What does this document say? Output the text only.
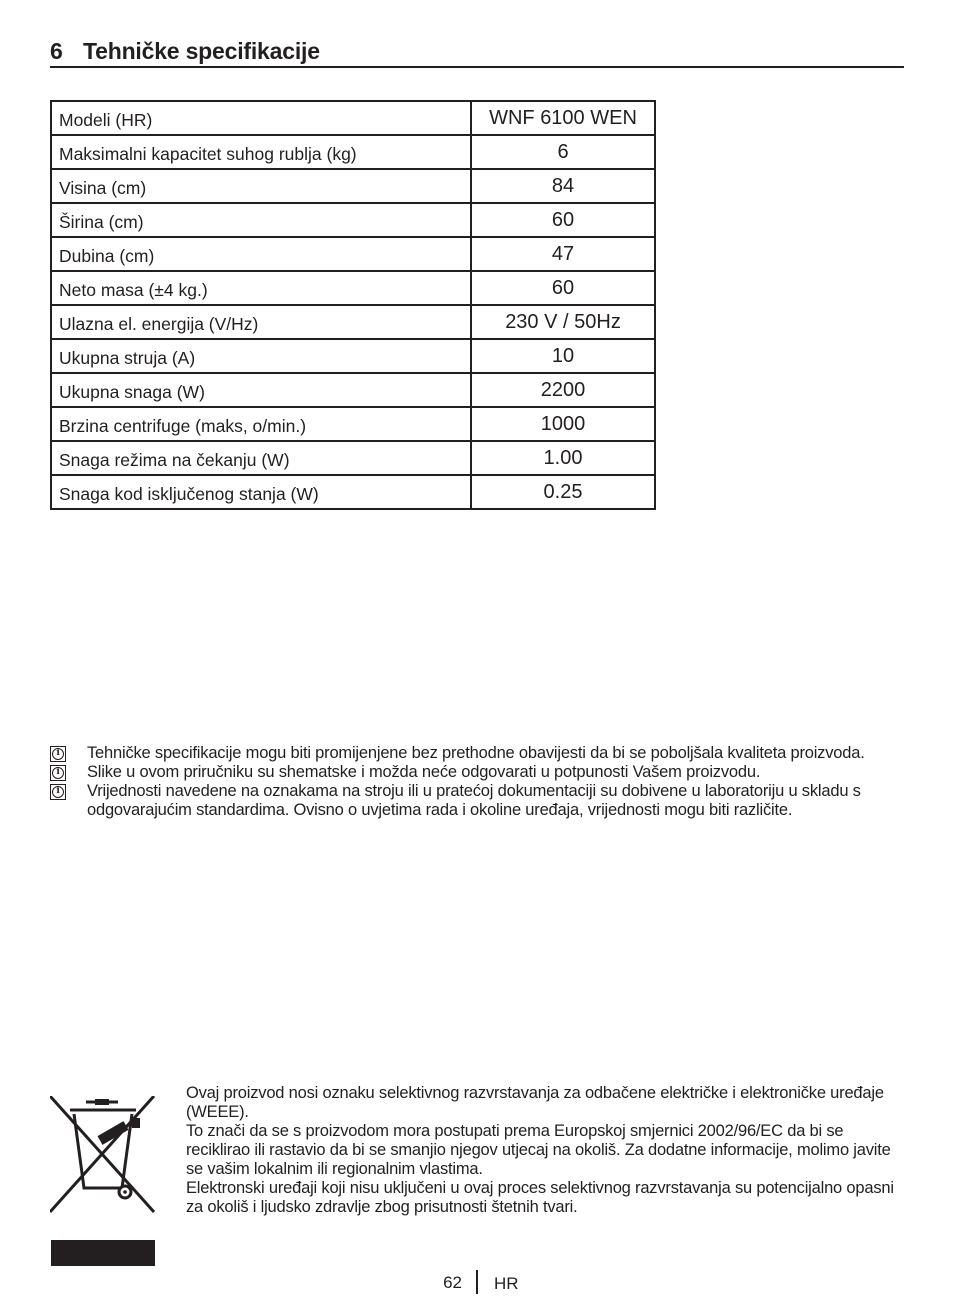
6 Tehničke specifikacije
Modeli (HR)	WNF 6100 WEN
Maksimalni kapacitet suhog rublja (kg)	6
Visina (cm)	84
Širina (cm)	60
Dubina (cm)	47
Neto masa (±4 kg.)	60
Ulazna el. energija (V/Hz)	230 V / 50Hz
Ukupna struja (A)	10
Ukupna snaga (W)	2200
Brzina centrifuge (maks, o/min.)	1000
Snaga režima na čekanju (W)	1.00
Snaga kod isključenog stanja (W)	0.25
i Tehničke specifikacije mogu biti promijenjene bez prethodne obavijesti da bi se poboljšala kvaliteta proizvoda.
i Slike u ovom priručniku su shematske i možda neće odgovarati u potpunosti Vašem proizvodu.
i Vrijednosti navedene na oznakama na stroju ili u pratećoj dokumentaciji su dobivene u laboratoriju u skladu s odgovarajućim standardima. Ovisno o uvjetima rada i okoline uređaja, vrijednosti mogu biti različite.

Ovaj proizvod nosi oznaku selektivnog razvrstavanja za odbačene električke i elektroničke uređaje (WEEE).

To znači da se s proizvodom mora postupati prema Europskoj smjernici 2002/96/EC da bi se reciklirao ili rastavio da bi se smanjio njegov utjecaj na okoliš. Za dodatne informacije, molimo javite se vašim lokalnim ili regionalnim vlastima.

Elektronski uređaji koji nisu uključeni u ovaj proces selektivnog razvrstavanja su potencijalno opasni za okoliš i ljudsko zdravlje zbog prisutnosti štetnih tvari.

62 HR
